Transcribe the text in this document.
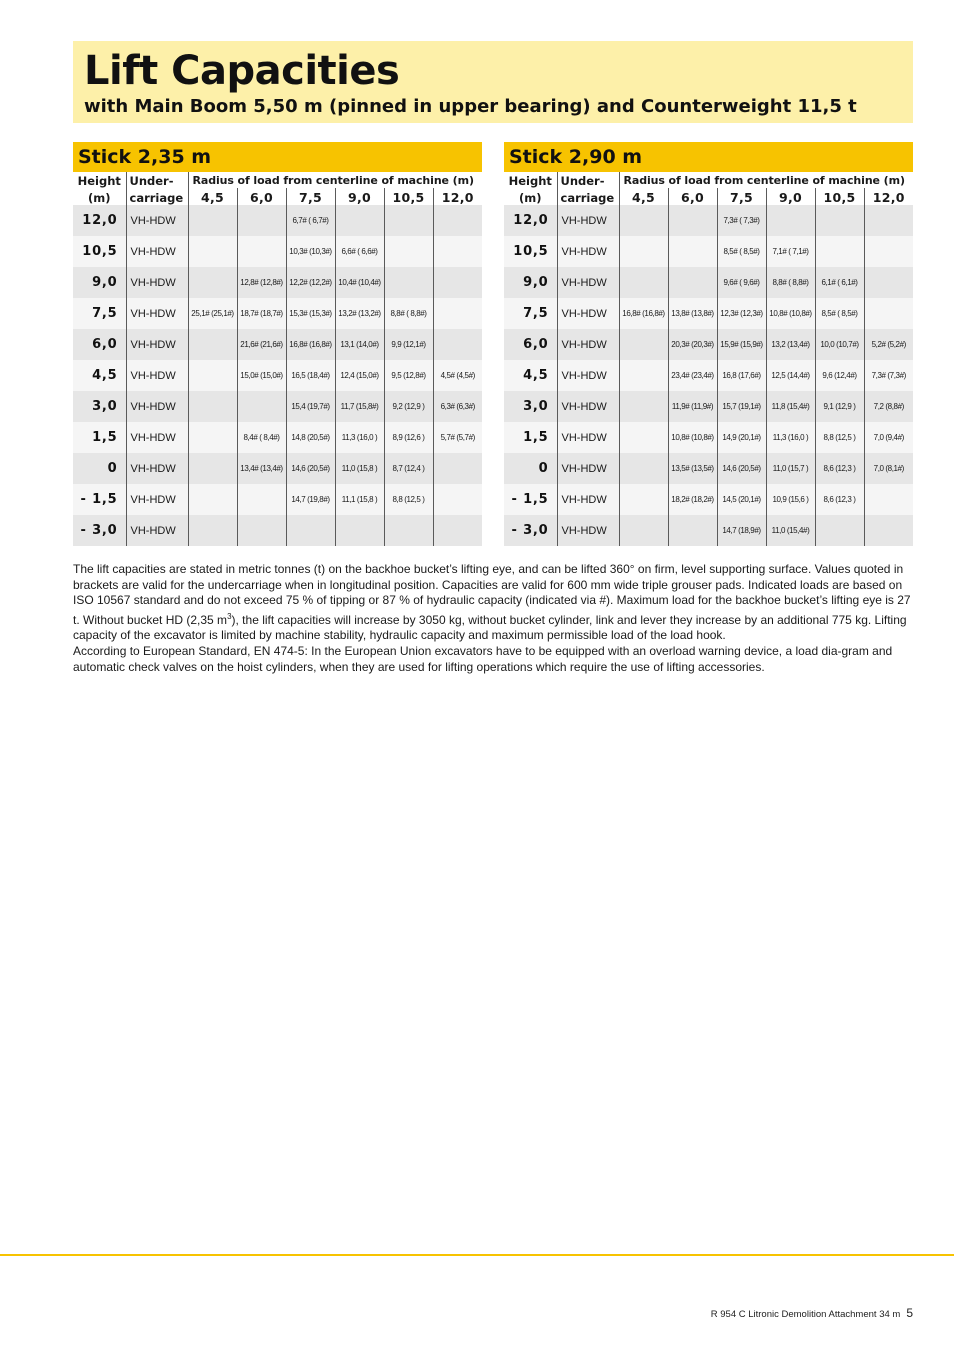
Lift Capacities
with Main Boom 5,50 m (pinned in upper bearing) and Counterweight 11,5 t
Stick 2,35 m
Height	Under-	Radius of load from centerline of machine (m)					
(m)	carriage	4,5	6,0	7,5	9,0	10,5	12,0
12,0	VH-HDW			6,7# ( 6,7#)			
10,5	VH-HDW			10,3# (10,3#)	6,6# ( 6,6#)		
9,0	VH-HDW		12,8# (12,8#)	12,2# (12,2#)	10,4# (10,4#)		
7,5	VH-HDW	25,1# (25,1#)	18,7# (18,7#)	15,3# (15,3#)	13,2# (13,2#)	8,8# ( 8,8#)	
6,0	VH-HDW		21,6# (21,6#)	16,8# (16,8#)	13,1 (14,0#)	9,9 (12,1#)	
4,5	VH-HDW		15,0# (15,0#)	16,5 (18,4#)	12,4 (15,0#)	9,5 (12,8#)	4,5# (4,5#)
3,0	VH-HDW			15,4 (19,7#)	11,7 (15,8#)	9,2 (12,9 )	6,3# (6,3#)
1,5	VH-HDW		8,4# ( 8,4#)	14,8 (20,5#)	11,3 (16,0 )	8,9 (12,6 )	5,7# (5,7#)
0	VH-HDW		13,4# (13,4#)	14,6 (20,5#)	11,0 (15,8 )	8,7 (12,4 )	
- 1,5	VH-HDW			14,7 (19,8#)	11,1 (15,8 )	8,8 (12,5 )	
- 3,0	VH-HDW						
Stick 2,90 m
Height	Under-	Radius of load from centerline of machine (m)					
(m)	carriage	4,5	6,0	7,5	9,0	10,5	12,0
12,0	VH-HDW			7,3# ( 7,3#)			
10,5	VH-HDW			8,5# ( 8,5#)	7,1# ( 7,1#)		
9,0	VH-HDW			9,6# ( 9,6#)	8,8# ( 8,8#)	6,1# ( 6,1#)	
7,5	VH-HDW	16,8# (16,8#)	13,8# (13,8#)	12,3# (12,3#)	10,8# (10,8#)	8,5# ( 8,5#)	
6,0	VH-HDW		20,3# (20,3#)	15,9# (15,9#)	13,2 (13,4#)	10,0 (10,7#)	5,2# (5,2#)
4,5	VH-HDW		23,4# (23,4#)	16,8 (17,6#)	12,5 (14,4#)	9,6 (12,4#)	7,3# (7,3#)
3,0	VH-HDW		11,9# (11,9#)	15,7 (19,1#)	11,8 (15,4#)	9,1 (12,9 )	7,2 (8,8#)
1,5	VH-HDW		10,8# (10,8#)	14,9 (20,1#)	11,3 (16,0 )	8,8 (12,5 )	7,0 (9,4#)
0	VH-HDW		13,5# (13,5#)	14,6 (20,5#)	11,0 (15,7 )	8,6 (12,3 )	7,0 (8,1#)
- 1,5	VH-HDW		18,2# (18,2#)	14,5 (20,1#)	10,9 (15,6 )	8,6 (12,3 )	
- 3,0	VH-HDW			14,7 (18,9#)	11,0 (15,4#)		

The lift capacities are stated in metric tonnes (t) on the backhoe bucket’s lifting eye, and can be lifted 360° on firm, level supporting surface. Values quoted in brackets are valid for the undercarriage when in longitudinal position. Capacities are valid for 600 mm wide triple grouser pads. Indicated loads are based on ISO 10567 standard and do not exceed 75 % of tipping or 87 % of hydraulic capacity (indicated via #). Maximum load for the backhoe bucket’s lifting eye is 27 t. Without bucket HD (2,35 $m^3$), the lift capacities will increase by 3050 kg, without bucket cylinder, link and lever they increase by an additional 775 kg. Lifting capacity of the excavator is limited by machine stability, hydraulic capacity and maximum permissible load of the load hook.

According to European Standard, EN 474-5: In the European Union excavators have to be equipped with an overload warning device, a load dia-gram and automatic check valves on the hoist cylinders, when they are used for lifting operations which require the use of lifting accessories.

R 954 C Litronic Demolition Attachment 34 m 5
